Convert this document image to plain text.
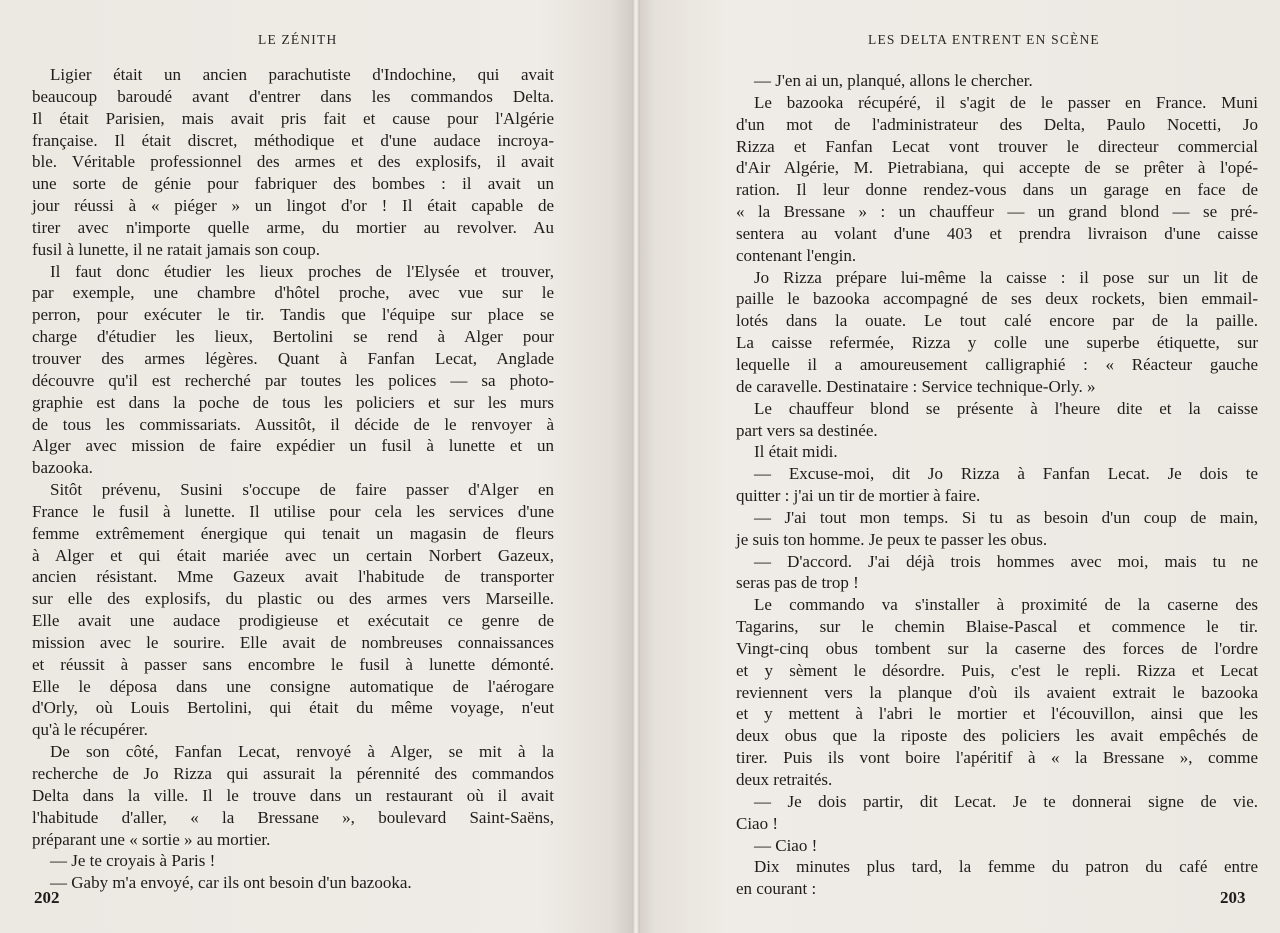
LE ZÉNITH
Ligier était un ancien parachutiste d'Indochine, qui avait
beaucoup baroudé avant d'entrer dans les commandos Delta.
Il était Parisien, mais avait pris fait et cause pour l'Algérie
française. Il était discret, méthodique et d'une audace incroya-
ble. Véritable professionnel des armes et des explosifs, il avait
une sorte de génie pour fabriquer des bombes : il avait un
jour réussi à « piéger » un lingot d'or ! Il était capable de
tirer avec n'importe quelle arme, du mortier au revolver. Au
fusil à lunette, il ne ratait jamais son coup.
Il faut donc étudier les lieux proches de l'Elysée et trouver,
par exemple, une chambre d'hôtel proche, avec vue sur le
perron, pour exécuter le tir. Tandis que l'équipe sur place se
charge d'étudier les lieux, Bertolini se rend à Alger pour
trouver des armes légères. Quant à Fanfan Lecat, Anglade
découvre qu'il est recherché par toutes les polices — sa photo-
graphie est dans la poche de tous les policiers et sur les murs
de tous les commissariats. Aussitôt, il décide de le renvoyer à
Alger avec mission de faire expédier un fusil à lunette et un
bazooka.
Sitôt prévenu, Susini s'occupe de faire passer d'Alger en
France le fusil à lunette. Il utilise pour cela les services d'une
femme extrêmement énergique qui tenait un magasin de fleurs
à Alger et qui était mariée avec un certain Norbert Gazeux,
ancien résistant. Mme Gazeux avait l'habitude de transporter
sur elle des explosifs, du plastic ou des armes vers Marseille.
Elle avait une audace prodigieuse et exécutait ce genre de
mission avec le sourire. Elle avait de nombreuses connaissances
et réussit à passer sans encombre le fusil à lunette démonté.
Elle le déposa dans une consigne automatique de l'aérogare
d'Orly, où Louis Bertolini, qui était du même voyage, n'eut
qu'à le récupérer.
De son côté, Fanfan Lecat, renvoyé à Alger, se mit à la
recherche de Jo Rizza qui assurait la pérennité des commandos
Delta dans la ville. Il le trouve dans un restaurant où il avait
l'habitude d'aller, « la Bressane », boulevard Saint-Saëns,
préparant une « sortie » au mortier.
— Je te croyais à Paris !
— Gaby m'a envoyé, car ils ont besoin d'un bazooka.
202
LES DELTA ENTRENT EN SCÈNE
— J'en ai un, planqué, allons le chercher.
Le bazooka récupéré, il s'agit de le passer en France. Muni
d'un mot de l'administrateur des Delta, Paulo Nocetti, Jo
Rizza et Fanfan Lecat vont trouver le directeur commercial
d'Air Algérie, M. Pietrabiana, qui accepte de se prêter à l'opé-
ration. Il leur donne rendez-vous dans un garage en face de
« la Bressane » : un chauffeur — un grand blond — se pré-
sentera au volant d'une 403 et prendra livraison d'une caisse
contenant l'engin.
Jo Rizza prépare lui-même la caisse : il pose sur un lit de
paille le bazooka accompagné de ses deux rockets, bien emmail-
lotés dans la ouate. Le tout calé encore par de la paille.
La caisse refermée, Rizza y colle une superbe étiquette, sur
lequelle il a amoureusement calligraphié : « Réacteur gauche
de caravelle. Destinataire : Service technique-Orly. »
Le chauffeur blond se présente à l'heure dite et la caisse
part vers sa destinée.
Il était midi.
— Excuse-moi, dit Jo Rizza à Fanfan Lecat. Je dois te
quitter : j'ai un tir de mortier à faire.
— J'ai tout mon temps. Si tu as besoin d'un coup de main,
je suis ton homme. Je peux te passer les obus.
— D'accord. J'ai déjà trois hommes avec moi, mais tu ne
seras pas de trop !
Le commando va s'installer à proximité de la caserne des
Tagarins, sur le chemin Blaise-Pascal et commence le tir.
Vingt-cinq obus tombent sur la caserne des forces de l'ordre
et y sèment le désordre. Puis, c'est le repli. Rizza et Lecat
reviennent vers la planque d'où ils avaient extrait le bazooka
et y mettent à l'abri le mortier et l'écouvillon, ainsi que les
deux obus que la riposte des policiers les avait empêchés de
tirer. Puis ils vont boire l'apéritif à « la Bressane », comme
deux retraités.
— Je dois partir, dit Lecat. Je te donnerai signe de vie.
Ciao !
— Ciao !
Dix minutes plus tard, la femme du patron du café entre
en courant :	203
